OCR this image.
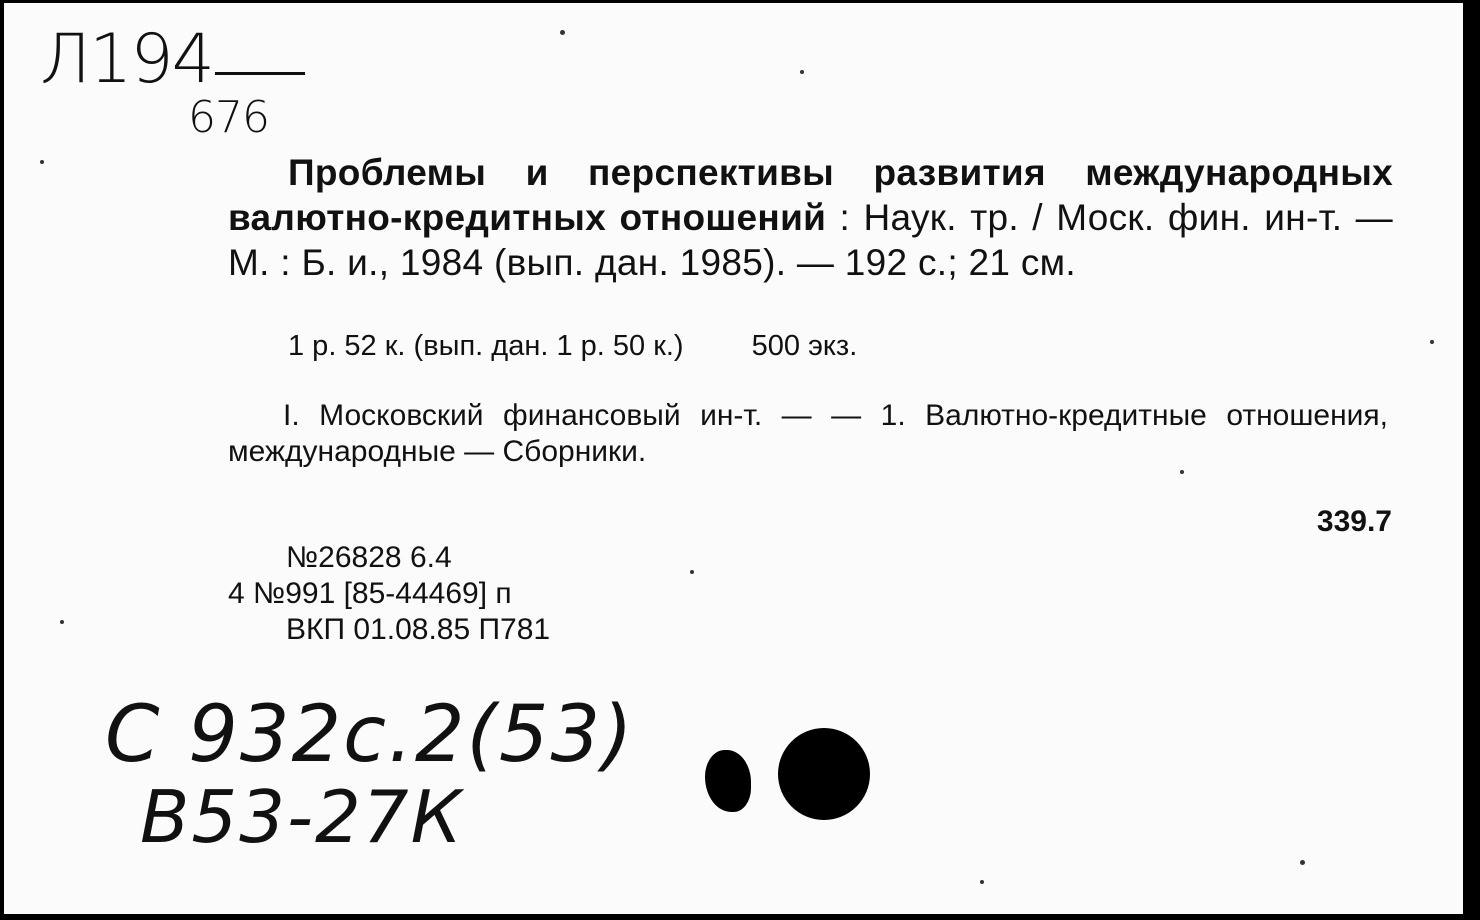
Л194
676
Проблемы и перспективы развития международных валютно-кредитных отношений : Наук. тр. / Моск. фин. ин-т. — М. : Б. и., 1984 (вып. дан. 1985). — 192 с.; 21 см.
1 р. 52 к. (вып. дан. 1 р. 50 к.) 500 экз.
I. Московский финансовый ин-т. — — 1. Валютно-кредитные отношения, международные — Сборники.
339.7
№26828 6.4
4 №991 [85-44469] п
ВКП 01.08.85 П781
С 932с.2(53)
В53-27К
